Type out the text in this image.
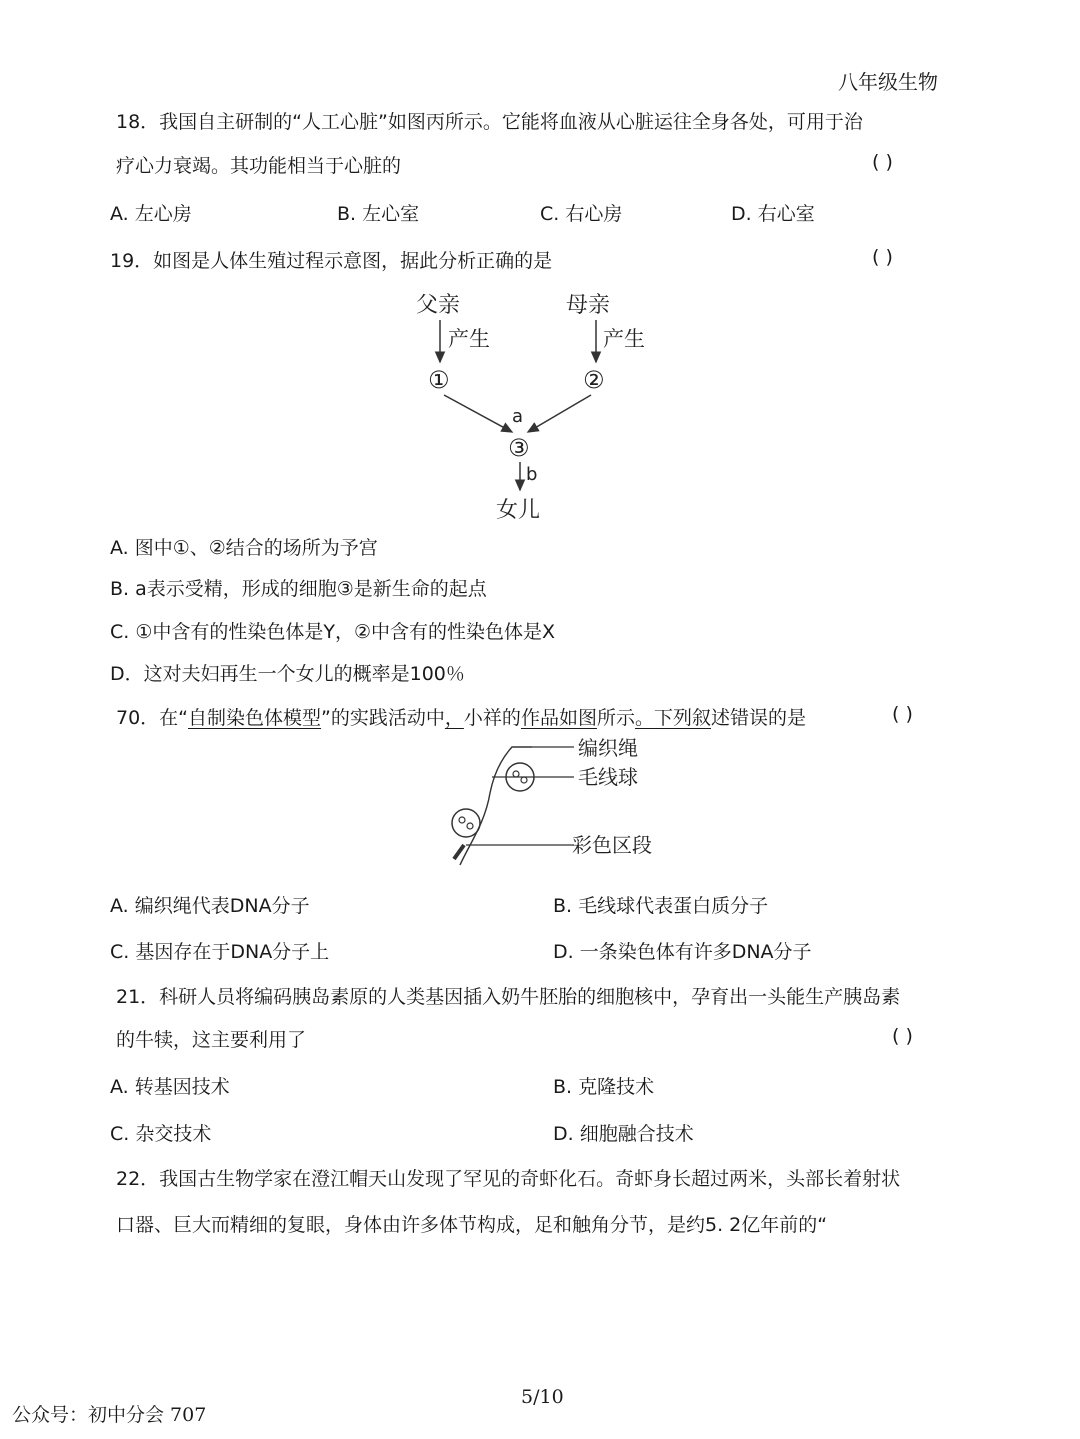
八年级生物
18．我国自主研制的“人工心脏”如图丙所示。它能将血液从心脏运往全身各处，可用于治
疗心力衰竭。其功能相当于心脏的	( )
A. 左心房	B. 左心室	C. 右心房	D. 右心室
19．如图是人体生殖过程示意图，据此分析正确的是	( )
父亲	母亲
产生	产生
①	②
a
③
b
女儿
A. 图中①、②结合的场所为予宫
B. a表示受精，形成的细胞③是新生命的起点
C. ①中含有的性染色体是Y，②中含有的性染色体是X
D．这对夫妇再生一个女儿的概率是100％
70．在“自制染色体模型”的实践活动中，小祥的作品如图所示。下列叙述错误的是	( )
编织绳
毛线球
彩色区段
A. 编织绳代表DNA分子	B. 毛线球代表蛋白质分子
C. 基因存在于DNA分子上	D. 一条染色体有许多DNA分子
21．科研人员将编码胰岛素原的人类基因插入奶牛胚胎的细胞核中，孕育出一头能生产胰岛素
的牛犊，这主要利用了	( )
A. 转基因技术	B. 克隆技术
C. 杂交技术	D. 细胞融合技术
22．我国古生物学家在澄江帽天山发现了罕见的奇虾化石。奇虾身长超过两米，头部长着射状
口器、巨大而精细的复眼，身体由许多体节构成，足和触角分节，是约5. 2亿年前的“
5/10
公众号：初中分会 707
